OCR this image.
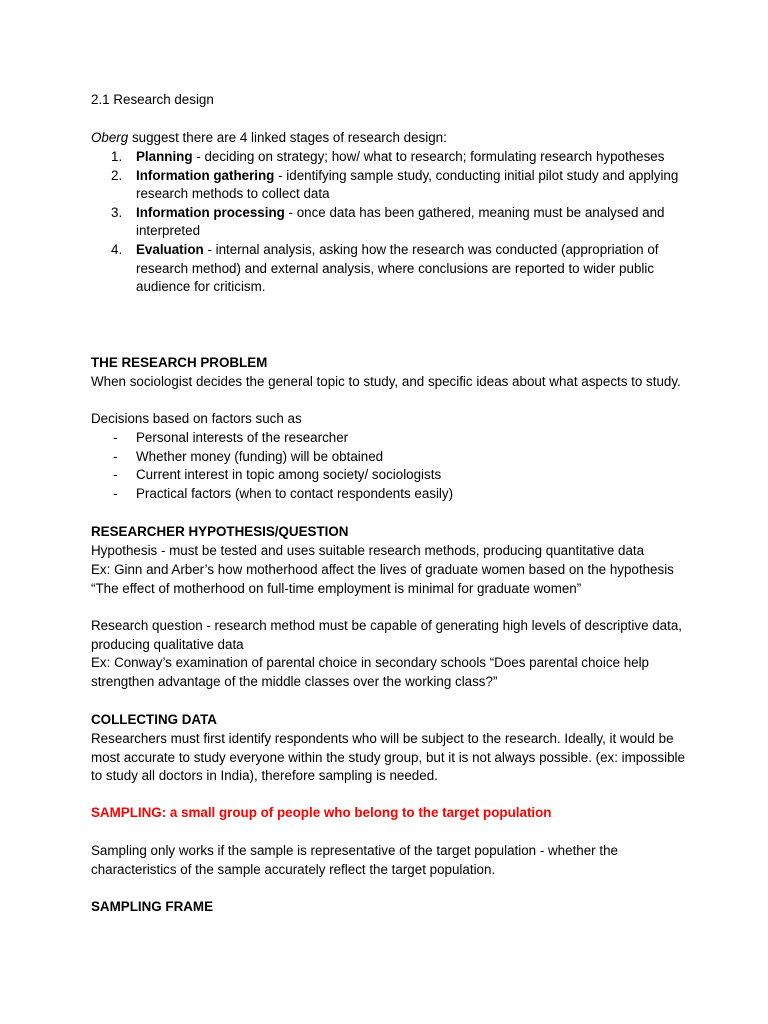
2.1 Research design

Oberg suggest there are 4 linked stages of research design:

1. Planning - deciding on strategy; how/ what to research; formulating research hypotheses
2. Information gathering - identifying sample study, conducting initial pilot study and applying research methods to collect data
3. Information processing - once data has been gathered, meaning must be analysed and interpreted
4. Evaluation - internal analysis, asking how the research was conducted (appropriation of research method) and external analysis, where conclusions are reported to wider public audience for criticism.

THE RESEARCH PROBLEM

When sociologist decides the general topic to study, and specific ideas about what aspects to study.

Decisions based on factors such as

- Personal interests of the researcher
- Whether money (funding) will be obtained
- Current interest in topic among society/ sociologists
- Practical factors (when to contact respondents easily)

RESEARCHER HYPOTHESIS/QUESTION

Hypothesis - must be tested and uses suitable research methods, producing quantitative data

Ex: Ginn and Arber’s how motherhood affect the lives of graduate women based on the hypothesis “The effect of motherhood on full-time employment is minimal for graduate women”

Research question - research method must be capable of generating high levels of descriptive data, producing qualitative data

Ex: Conway’s examination of parental choice in secondary schools “Does parental choice help strengthen advantage of the middle classes over the working class?”

COLLECTING DATA

Researchers must first identify respondents who will be subject to the research. Ideally, it would be most accurate to study everyone within the study group, but it is not always possible. (ex: impossible to study all doctors in India), therefore sampling is needed.

SAMPLING: a small group of people who belong to the target population

Sampling only works if the sample is representative of the target population - whether the characteristics of the sample accurately reflect the target population.

SAMPLING FRAME
